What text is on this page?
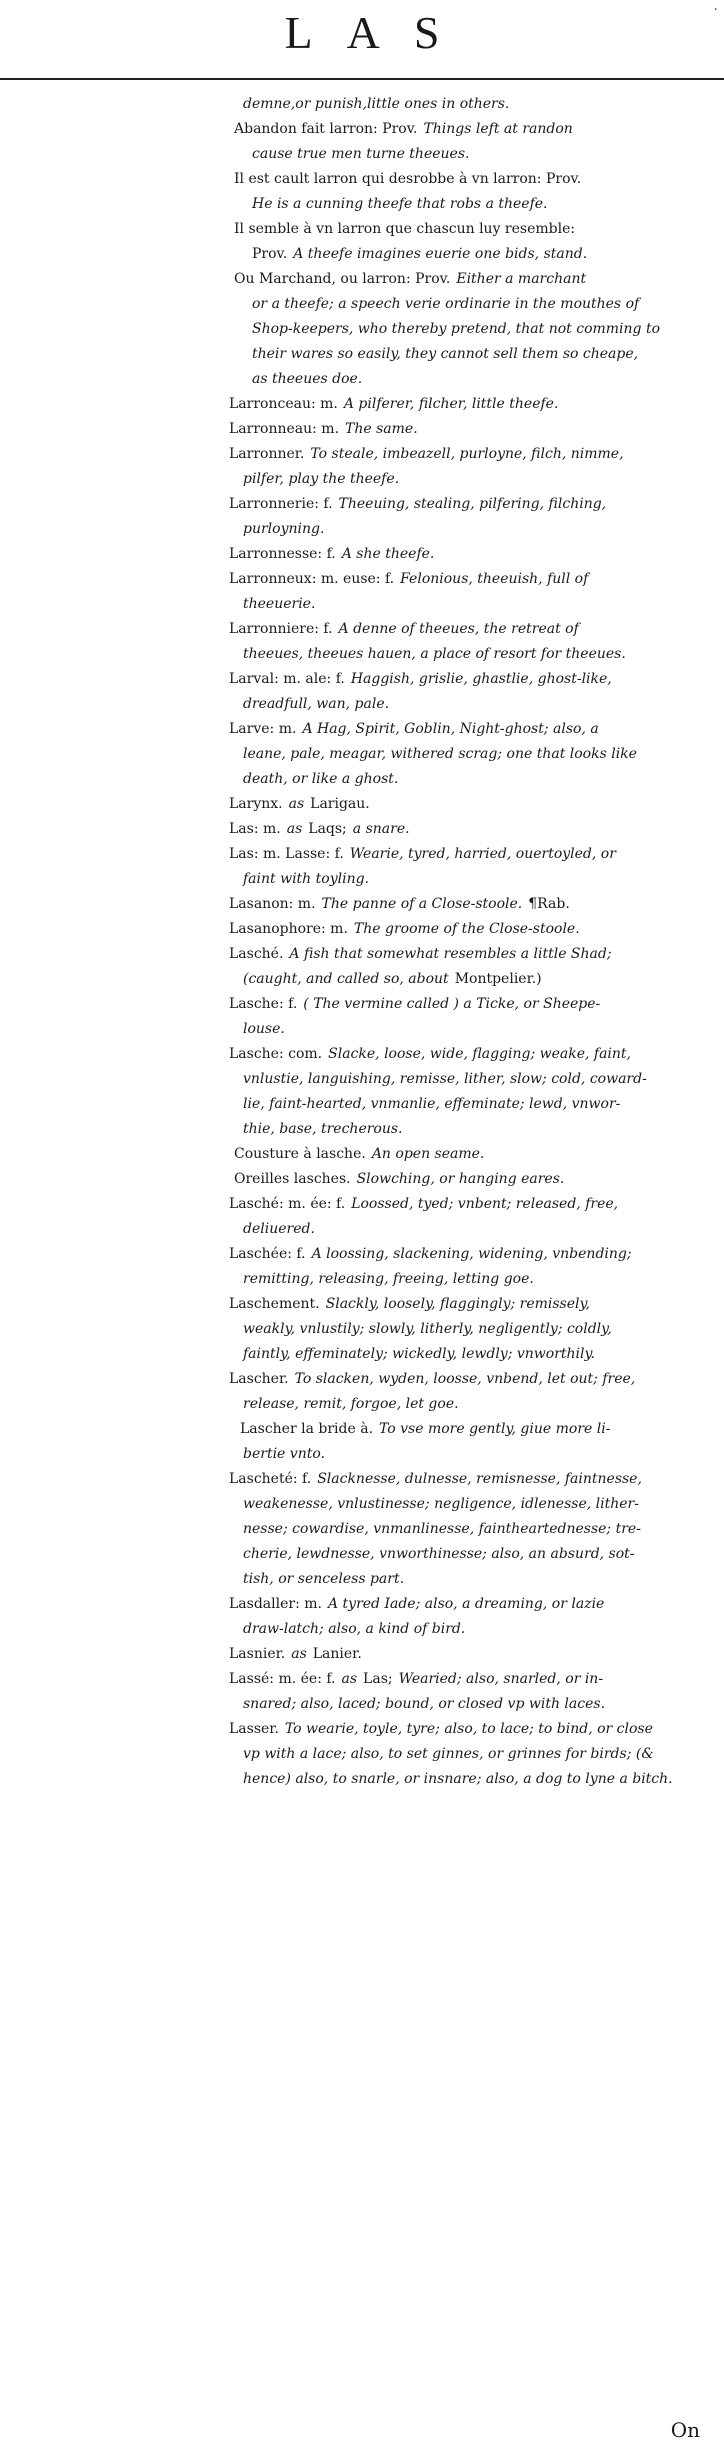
LAS	·
demne,or punish,little ones in others.
Abandon fait larron: Prov. Things left at randon
cause true men turne theeues.
Il est cault larron qui desrobbe à vn larron: Prov.
He is a cunning theefe that robs a theefe.
Il semble à vn larron que chascun luy resemble:
Prov. A theefe imagines euerie one bids, stand.
Ou Marchand, ou larron: Prov. Either a marchant
or a theefe; a speech verie ordinarie in the mouthes of
Shop-keepers, who thereby pretend, that not comming to
their wares so easily, they cannot sell them so cheape,
as theeues doe.
Larronceau: m. A pilferer, filcher, little theefe.
Larronneau: m. The same.
Larronner. To steale, imbeazell, purloyne, filch, nimme,
pilfer, play the theefe.
Larronnerie: f. Theeuing, stealing, pilfering, filching,
purloyning.
Larronnesse: f. A she theefe.
Larronneux: m. euse: f. Felonious, theeuish, full of
theeuerie.
Larronniere: f. A denne of theeues, the retreat of
theeues, theeues hauen, a place of resort for theeues.
Larval: m. ale: f. Haggish, grislie, ghastlie, ghost-like,
dreadfull, wan, pale.
Larve: m. A Hag, Spirit, Goblin, Night-ghost; also, a
leane, pale, meagar, withered scrag; one that looks like
death, or like a ghost.
Larynx. as Larigau.
Las: m. as Laqs; a snare.
Las: m. Lasse: f. Wearie, tyred, harried, ouertoyled, or
faint with toyling.
Lasanon: m. The panne of a Close-stoole. ¶Rab.
Lasanophore: m. The groome of the Close-stoole.
Lasché. A fish that somewhat resembles a little Shad;
(caught, and called so, about Montpelier.)
Lasche: f. ( The vermine called ) a Ticke, or Sheepe-
louse.
Lasche: com. Slacke, loose, wide, flagging; weake, faint,
vnlustie, languishing, remisse, lither, slow; cold, coward-
lie, faint-hearted, vnmanlie, effeminate; lewd, vnwor-
thie, base, trecherous.
Cousture à lasche. An open seame.
Oreilles lasches. Slowching, or hanging eares.
Lasché: m. ée: f. Loossed, tyed; vnbent; released, free,
deliuered.
Laschée: f. A loossing, slackening, widening, vnbending;
remitting, releasing, freeing, letting goe.
Laschement. Slackly, loosely, flaggingly; remissely,
weakly, vnlustily; slowly, litherly, negligently; coldly,
faintly, effeminately; wickedly, lewdly; vnworthily.
Lascher. To slacken, wyden, loosse, vnbend, let out; free,
release, remit, forgoe, let goe.
Lascher la bride à. To vse more gently, giue more li-
bertie vnto.
Lascheté: f. Slacknesse, dulnesse, remisnesse, faintnesse,
weakenesse, vnlustinesse; negligence, idlenesse, lither-
nesse; cowardise, vnmanlinesse, faintheartednesse; tre-
cherie, lewdnesse, vnworthinesse; also, an absurd, sot-
tish, or senceless part.
Lasdaller: m. A tyred Iade; also, a dreaming, or lazie
draw-latch; also, a kind of bird.
Lasnier. as Lanier.
Lassé: m. ée: f. as Las; Wearied; also, snarled, or in-
snared; also, laced; bound, or closed vp with laces.
Lasser. To wearie, toyle, tyre; also, to lace; to bind, or close
vp with a lace; also, to set ginnes, or grinnes for birds; (&
hence) also, to snarle, or insnare; also, a dog to lyne a bitch.
On
